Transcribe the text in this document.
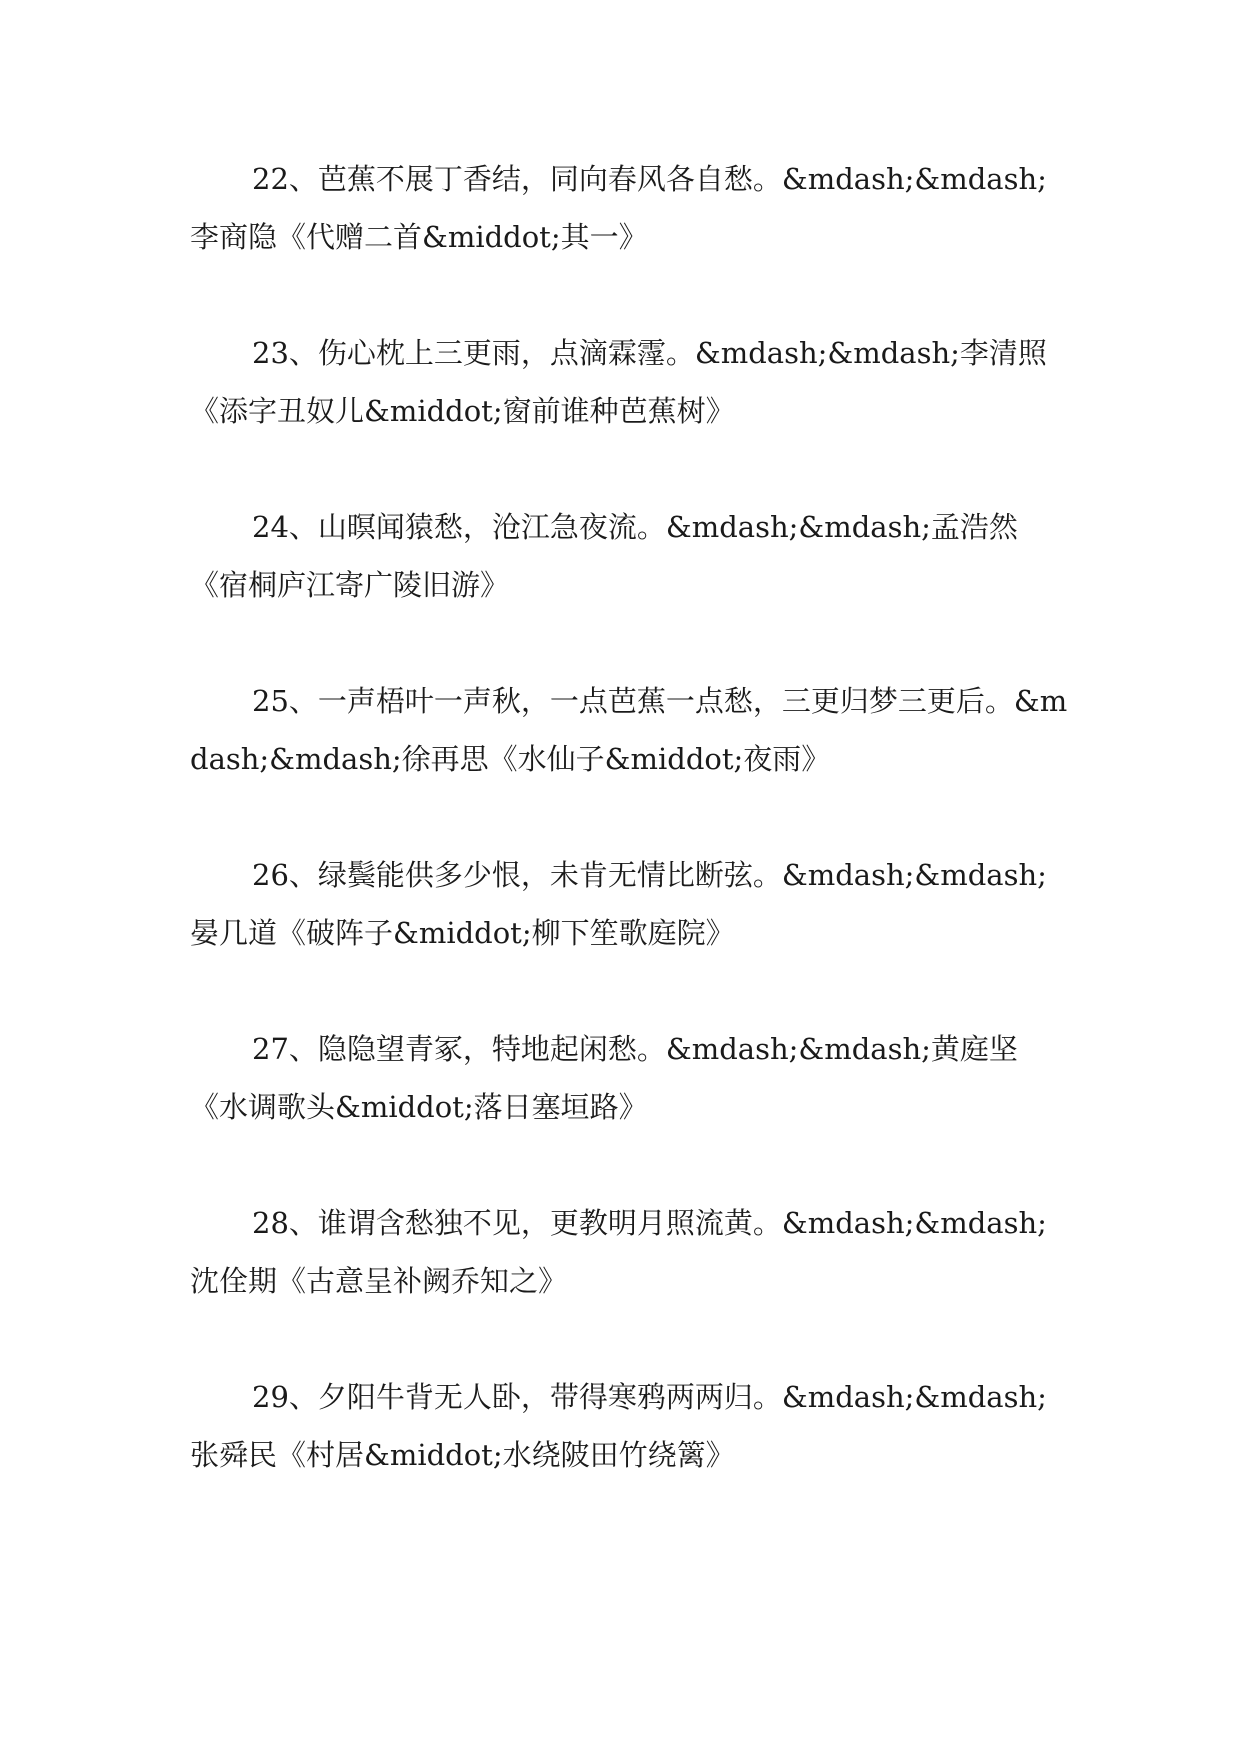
22、芭蕉不展丁香结，同向春风各自愁。&mdash;&mdash;李商隐《代赠二首&middot;其一》

23、伤心枕上三更雨，点滴霖霪。&mdash;&mdash;李清照《添字丑奴儿&middot;窗前谁种芭蕉树》

24、山暝闻猿愁，沧江急夜流。&mdash;&mdash;孟浩然《宿桐庐江寄广陵旧游》

25、一声梧叶一声秋，一点芭蕉一点愁，三更归梦三更后。&mdash;&mdash;徐再思《水仙子&middot;夜雨》

26、绿鬓能供多少恨，未肯无情比断弦。&mdash;&mdash;晏几道《破阵子&middot;柳下笙歌庭院》

27、隐隐望青冢，特地起闲愁。&mdash;&mdash;黄庭坚《水调歌头&middot;落日塞垣路》

28、谁谓含愁独不见，更教明月照流黄。&mdash;&mdash;沈佺期《古意呈补阙乔知之》

29、夕阳牛背无人卧，带得寒鸦两两归。&mdash;&mdash;张舜民《村居&middot;水绕陂田竹绕篱》
